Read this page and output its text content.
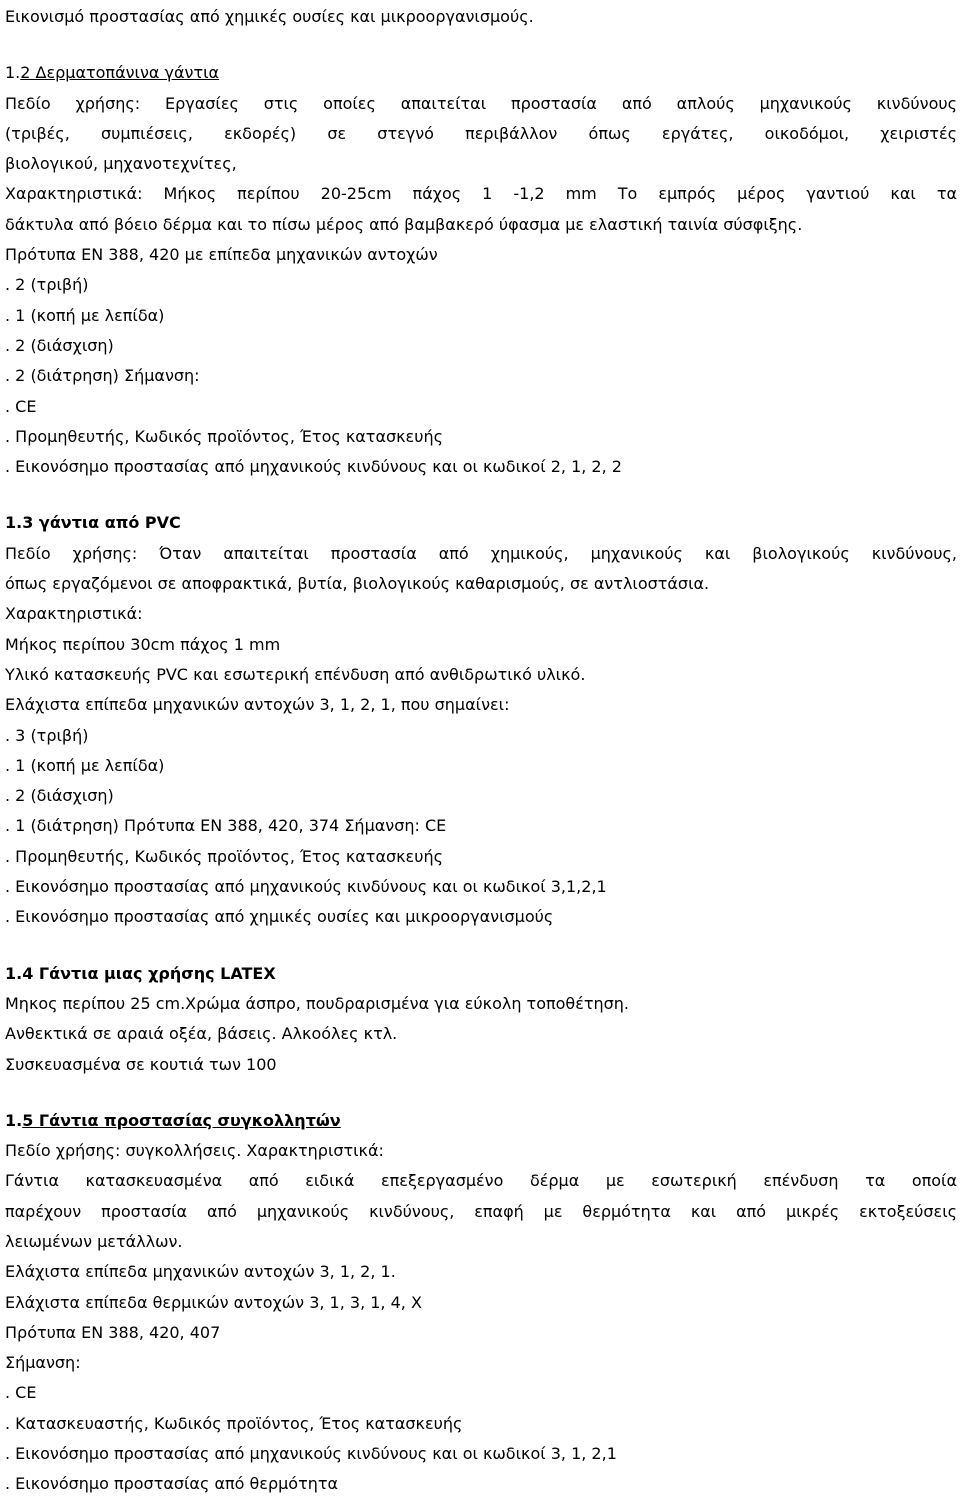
Εικονισμό προστασίας από χημικές ουσίες και μικροοργανισμούς.
1.2 Δερματοπάνινα γάντια
Πεδίο χρήσης: Εργασίες στις οποίες απαιτείται προστασία από απλούς μηχανικούς κινδύνους
(τριβές, συμπιέσεις, εκδορές) σε στεγνό περιβάλλον όπως εργάτες, οικοδόμοι, χειριστές
βιολογικού, μηχανοτεχνίτες,
Χαρακτηριστικά: Μήκος περίπου 20-25cm πάχος 1 -1,2 mm Το εμπρός μέρος γαντιού και τα
δάκτυλα από βόειο δέρμα και το πίσω μέρος από βαμβακερό ύφασμα με ελαστική ταινία σύσφιξης.
Πρότυπα EN 388, 420 με επίπεδα μηχανικών αντοχών
. 2 (τριβή)
. 1 (κοπή με λεπίδα)
. 2 (διάσχιση)
. 2 (διάτρηση) Σήμανση:
. CE
. Προμηθευτής, Κωδικός προϊόντος, Έτος κατασκευής
. Εικονόσημο προστασίας από μηχανικούς κινδύνους και οι κωδικοί 2, 1, 2, 2
1.3 γάντια από PVC
Πεδίο χρήσης: Όταν απαιτείται προστασία από χημικούς, μηχανικούς και βιολογικούς κινδύνους,
όπως εργαζόμενοι σε αποφρακτικά, βυτία, βιολογικούς καθαρισμούς, σε αντλιοστάσια.
Χαρακτηριστικά:
Μήκος περίπου 30cm πάχος 1 mm
Υλικό κατασκευής PVC και εσωτερική επένδυση από ανθιδρωτικό υλικό.
Ελάχιστα επίπεδα μηχανικών αντοχών 3, 1, 2, 1, που σημαίνει:
. 3 (τριβή)
. 1 (κοπή με λεπίδα)
. 2 (διάσχιση)
. 1 (διάτρηση) Πρότυπα EN 388, 420, 374 Σήμανση: CE
. Προμηθευτής, Κωδικός προϊόντος, Έτος κατασκευής
. Εικονόσημο προστασίας από μηχανικούς κινδύνους και οι κωδικοί 3,1,2,1
. Εικονόσημο προστασίας από χημικές ουσίες και μικροοργανισμούς
1.4 Γάντια μιας χρήσης LATEX
Μηκος περίπου 25 cm.Χρώμα άσπρο, πουδραρισμένα για εύκολη τοποθέτηση.
Ανθεκτικά σε αραιά οξέα, βάσεις. Αλκοόλες κτλ.
Συσκευασμένα σε κουτιά των 100
1.5 Γάντια προστασίας συγκολλητών
Πεδίο χρήσης: συγκολλήσεις. Χαρακτηριστικά:
Γάντια κατασκευασμένα από ειδικά επεξεργασμένο δέρμα με εσωτερική επένδυση τα οποία
παρέχουν προστασία από μηχανικούς κινδύνους, επαφή με θερμότητα και από μικρές εκτοξεύσεις
λειωμένων μετάλλων.
Ελάχιστα επίπεδα μηχανικών αντοχών 3, 1, 2, 1.
Ελάχιστα επίπεδα θερμικών αντοχών 3, 1, 3, 1, 4, X
Πρότυπα EN 388, 420, 407
Σήμανση:
. CE
. Κατασκευαστής, Κωδικός προϊόντος, Έτος κατασκευής
. Εικονόσημο προστασίας από μηχανικούς κινδύνους και οι κωδικοί 3, 1, 2,1
. Εικονόσημο προστασίας από θερμότητα
